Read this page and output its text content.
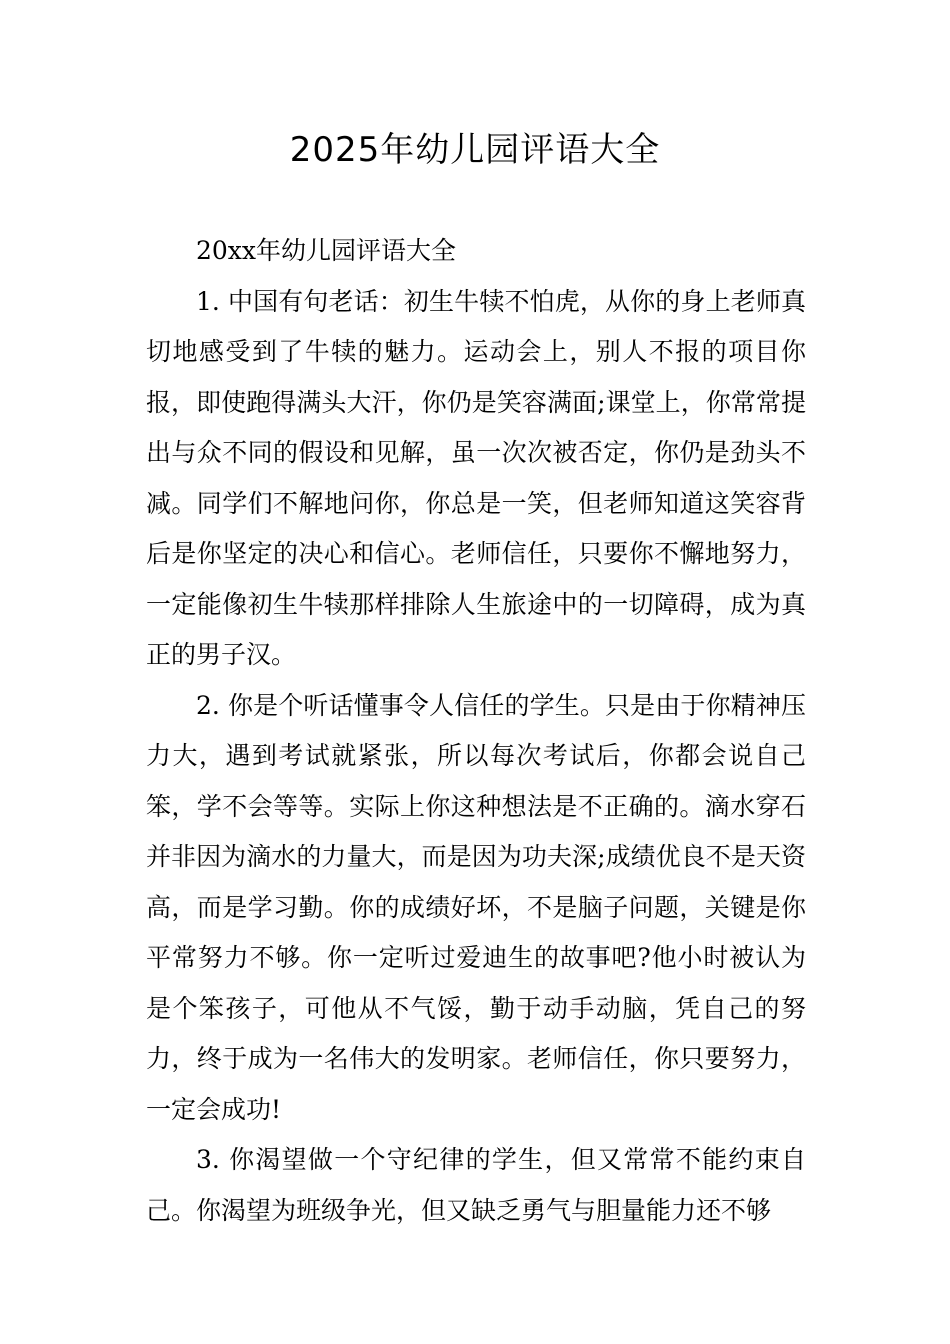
2025年幼儿园评语大全

20xx年幼儿园评语大全

1. 中国有句老话：初生牛犊不怕虎，从你的身上老师真切地感受到了牛犊的魅力。运动会上，别人不报的项目你报，即使跑得满头大汗，你仍是笑容满面;课堂上，你常常提出与众不同的假设和见解，虽一次次被否定，你仍是劲头不减。同学们不解地问你，你总是一笑，但老师知道这笑容背后是你坚定的决心和信心。老师信任，只要你不懈地努力，一定能像初生牛犊那样排除人生旅途中的一切障碍，成为真正的男子汉。

2. 你是个听话懂事令人信任的学生。只是由于你精神压力大，遇到考试就紧张，所以每次考试后，你都会说自己笨，学不会等等。实际上你这种想法是不正确的。滴水穿石并非因为滴水的力量大，而是因为功夫深;成绩优良不是天资高，而是学习勤。你的成绩好坏，不是脑子问题，关键是你平常努力不够。你一定听过爱迪生的故事吧?他小时被认为是个笨孩子，可他从不气馁，勤于动手动脑，凭自己的努力，终于成为一名伟大的发明家。老师信任，你只要努力，一定会成功!

3. 你渴望做一个守纪律的学生，但又常常不能约束自己。你渴望为班级争光，但又缺乏勇气与胆量能力还不够
